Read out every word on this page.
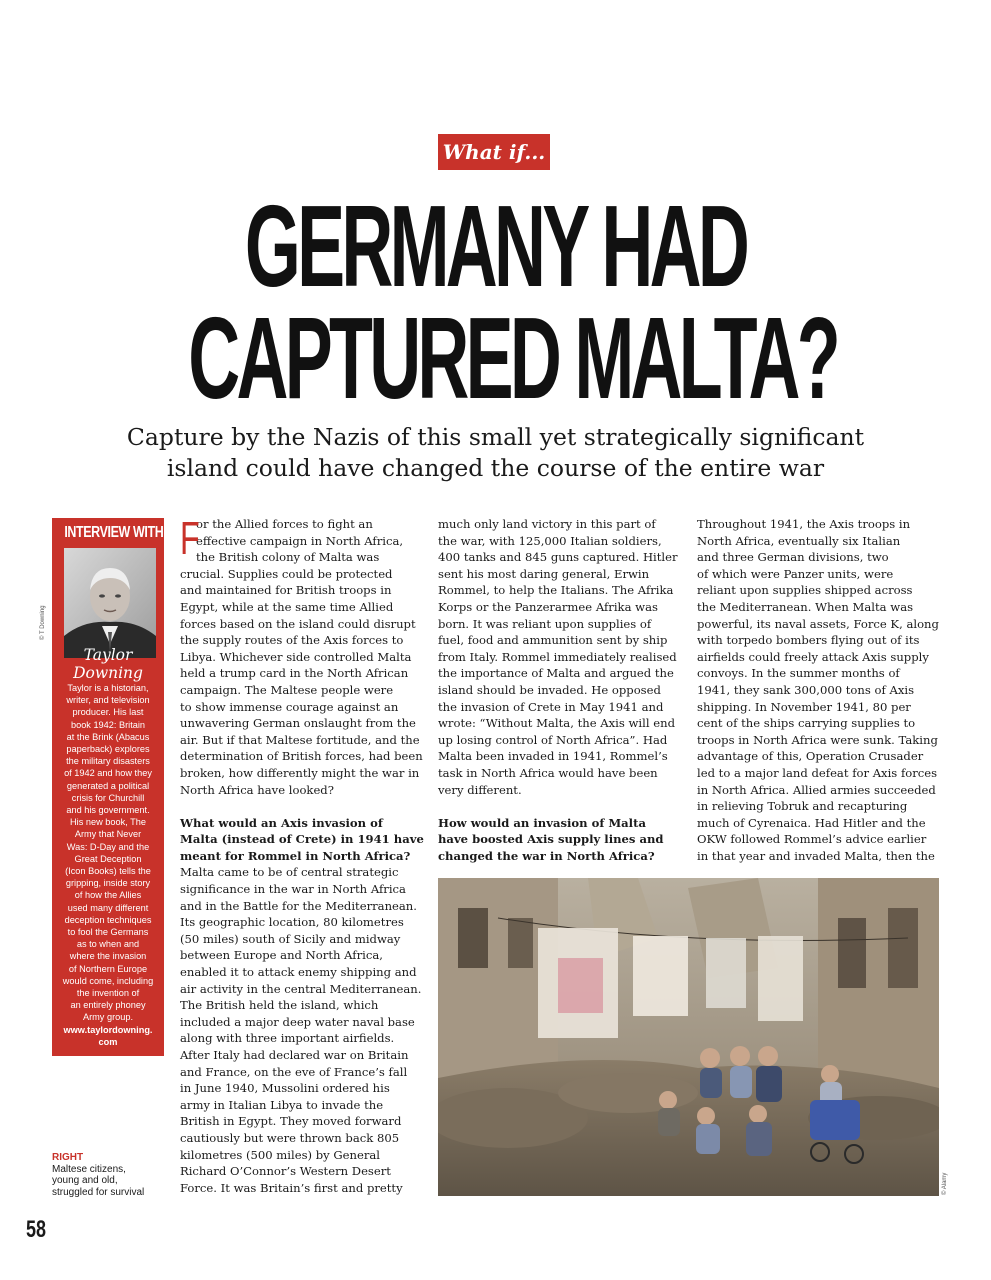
What if...
GERMANY HAD
CAPTURED MALTA?
Capture by the Nazis of this small yet strategically significant
island could have changed the course of the entire war
INTERVIEW WITH
Taylor
Downing
Taylor is a historian,
writer, and television
producer. His last
book 1942: Britain
at the Brink (Abacus
paperback) explores
the military disasters
of 1942 and how they
generated a political
crisis for Churchill
and his government.
His new book, The
Army that Never
Was: D-Day and the
Great Deception
(Icon Books) tells the
gripping, inside story
of how the Allies
used many different
deception techniques
to fool the Germans
as to when and
where the invasion
of Northern Europe
would come, including
the invention of
an entirely phoney
Army group.
www.taylordowning.
com
© T Downing
F
or the Allied forces to fight an
effective campaign in North Africa,
the British colony of Malta was
crucial. Supplies could be protected
and maintained for British troops in
Egypt, while at the same time Allied
forces based on the island could disrupt
the supply routes of the Axis forces to
Libya. Whichever side controlled Malta
held a trump card in the North African
campaign. The Maltese people were
to show immense courage against an
unwavering German onslaught from the
air. But if that Maltese fortitude, and the
determination of British forces, had been
broken, how differently might the war in
North Africa have looked?
What would an Axis invasion of
Malta (instead of Crete) in 1941 have
meant for Rommel in North Africa?
Malta came to be of central strategic
significance in the war in North Africa
and in the Battle for the Mediterranean.
Its geographic location, 80 kilometres
(50 miles) south of Sicily and midway
between Europe and North Africa,
enabled it to attack enemy shipping and
air activity in the central Mediterranean.
The British held the island, which
included a major deep water naval base
along with three important airfields.
After Italy had declared war on Britain
and France, on the eve of France’s fall
in June 1940, Mussolini ordered his
army in Italian Libya to invade the
British in Egypt. They moved forward
cautiously but were thrown back 805
kilometres (500 miles) by General
Richard O’Connor’s Western Desert
Force. It was Britain’s first and pretty
much only land victory in this part of
the war, with 125,000 Italian soldiers,
400 tanks and 845 guns captured. Hitler
sent his most daring general, Erwin
Rommel, to help the Italians. The Afrika
Korps or the Panzerarmee Afrika was
born. It was reliant upon supplies of
fuel, food and ammunition sent by ship
from Italy. Rommel immediately realised
the importance of Malta and argued the
island should be invaded. He opposed
the invasion of Crete in May 1941 and
wrote: “Without Malta, the Axis will end
up losing control of North Africa”. Had
Malta been invaded in 1941, Rommel’s
task in North Africa would have been
very different.
How would an invasion of Malta
have boosted Axis supply lines and
changed the war in North Africa?
Throughout 1941, the Axis troops in
North Africa, eventually six Italian
and three German divisions, two
of which were Panzer units, were
reliant upon supplies shipped across
the Mediterranean. When Malta was
powerful, its naval assets, Force K, along
with torpedo bombers flying out of its
airfields could freely attack Axis supply
convoys. In the summer months of
1941, they sank 300,000 tons of Axis
shipping. In November 1941, 80 per
cent of the ships carrying supplies to
troops in North Africa were sunk. Taking
advantage of this, Operation Crusader
led to a major land defeat for Axis forces
in North Africa. Allied armies succeeded
in relieving Tobruk and recapturing
much of Cyrenaica. Had Hitler and the
OKW followed Rommel’s advice earlier
in that year and invaded Malta, then the
© Alamy
RIGHT
Maltese citizens,
young and old,
struggled for survival
58
